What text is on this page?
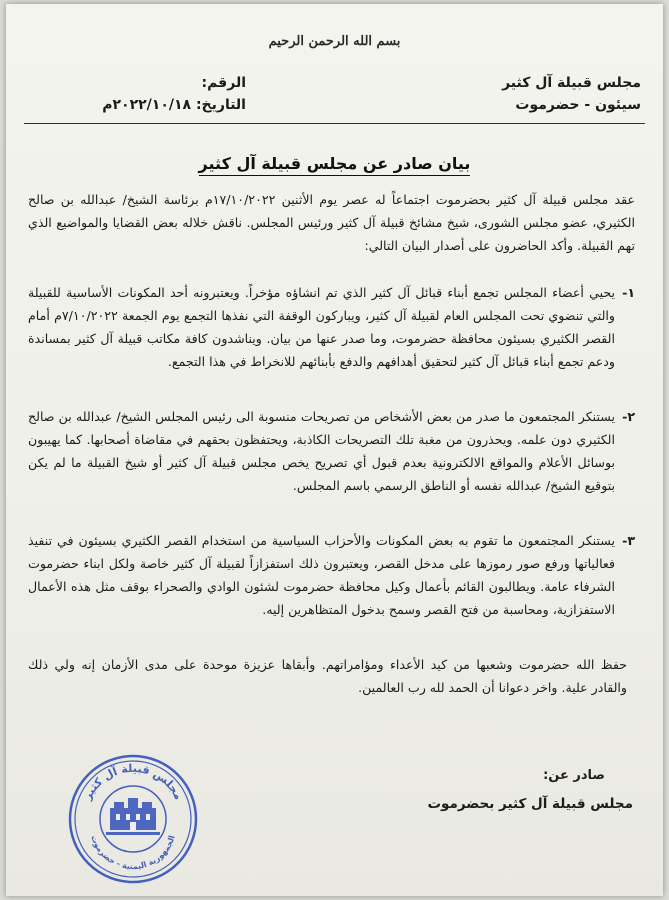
بسم الله الرحمن الرحيم
مجلس قبيلة آل كثير
سيئون - حضرموت
الرقم:
التاريخ: ٢٠٢٢/١٠/١٨م
بيان صادر عن مجلس قبيلة آل كثير

عقد مجلس قبيلة آل كثير بحضرموت اجتماعاً له عصر يوم الأثنين ١٧/١٠/٢٠٢٢م برئاسة الشيخ/ عبدالله بن صالح الكثيري، عضو مجلس الشورى، شيخ مشائخ قبيلة آل كثير ورئيس المجلس. ناقش خلاله بعض القضايا والمواضيع الذي تهم القبيلة. وأكد الحاضرون على أصدار البيان التالي:

١-
يحيي أعضاء المجلس تجمع أبناء قبائل آل كثير الذي تم انشاؤه مؤخراً. ويعتبرونه أحد المكونات الأساسية للقبيلة والتي تنضوي تحت المجلس العام لقبيلة آل كثير، ويباركون الوقفة التي نفذها التجمع يوم الجمعة ٧/١٠/٢٠٢٢م أمام القصر الكثيري بسيئون محافظة حضرموت، وما صدر عنها من بيان. ويناشدون كافة مكاتب قبيلة آل كثير بمساندة ودعم تجمع أبناء قبائل آل كثير لتحقيق أهدافهم والدفع بأبنائهم للانخراط في هذا التجمع.
٢-
يستنكر المجتمعون ما صدر من بعض الأشخاص من تصريحات منسوبة الى رئيس المجلس الشيخ/ عبدالله بن صالح الكثيري دون علمه. ويحذرون من مغبة تلك التصريحات الكاذبة، ويحتفظون بحقهم في مقاضاة أصحابها. كما يهيبون بوسائل الأعلام والمواقع الالكترونية بعدم قبول أي تصريح يخص مجلس قبيلة آل كثير أو شيخ القبيلة ما لم يكن بتوقيع الشيخ/ عبدالله نفسه أو الناطق الرسمي باسم المجلس.
٣-
يستنكر المجتمعون ما تقوم به بعض المكونات والأحزاب السياسية من استخدام القصر الكثيري بسيئون في تنفيذ فعالياتها ورفع صور رموزها على مدخل القصر، ويعتبرون ذلك استفزازاً لقبيلة آل كثير خاصة ولكل ابناء حضرموت الشرفاء عامة. ويطالبون القائم بأعمال وكيل محافظة حضرموت لشئون الوادي والصحراء بوقف مثل هذه الأعمال الاستفزازية، ومحاسبة من فتح القصر وسمح بدخول المتظاهرين إليه.

حفظ الله حضرموت وشعبها من كيد الأعداء ومؤامراتهم. وأبقاها عزيزة موحدة على مدى الأزمان إنه ولي ذلك والقادر علية. واخر دعوانا أن الحمد لله رب العالمين.

صادر عن:
مجلس قبيلة آل كثير بحضرموت
مجلس قبيلة آل كثير
الجمهورية اليمنية - حضرموت
